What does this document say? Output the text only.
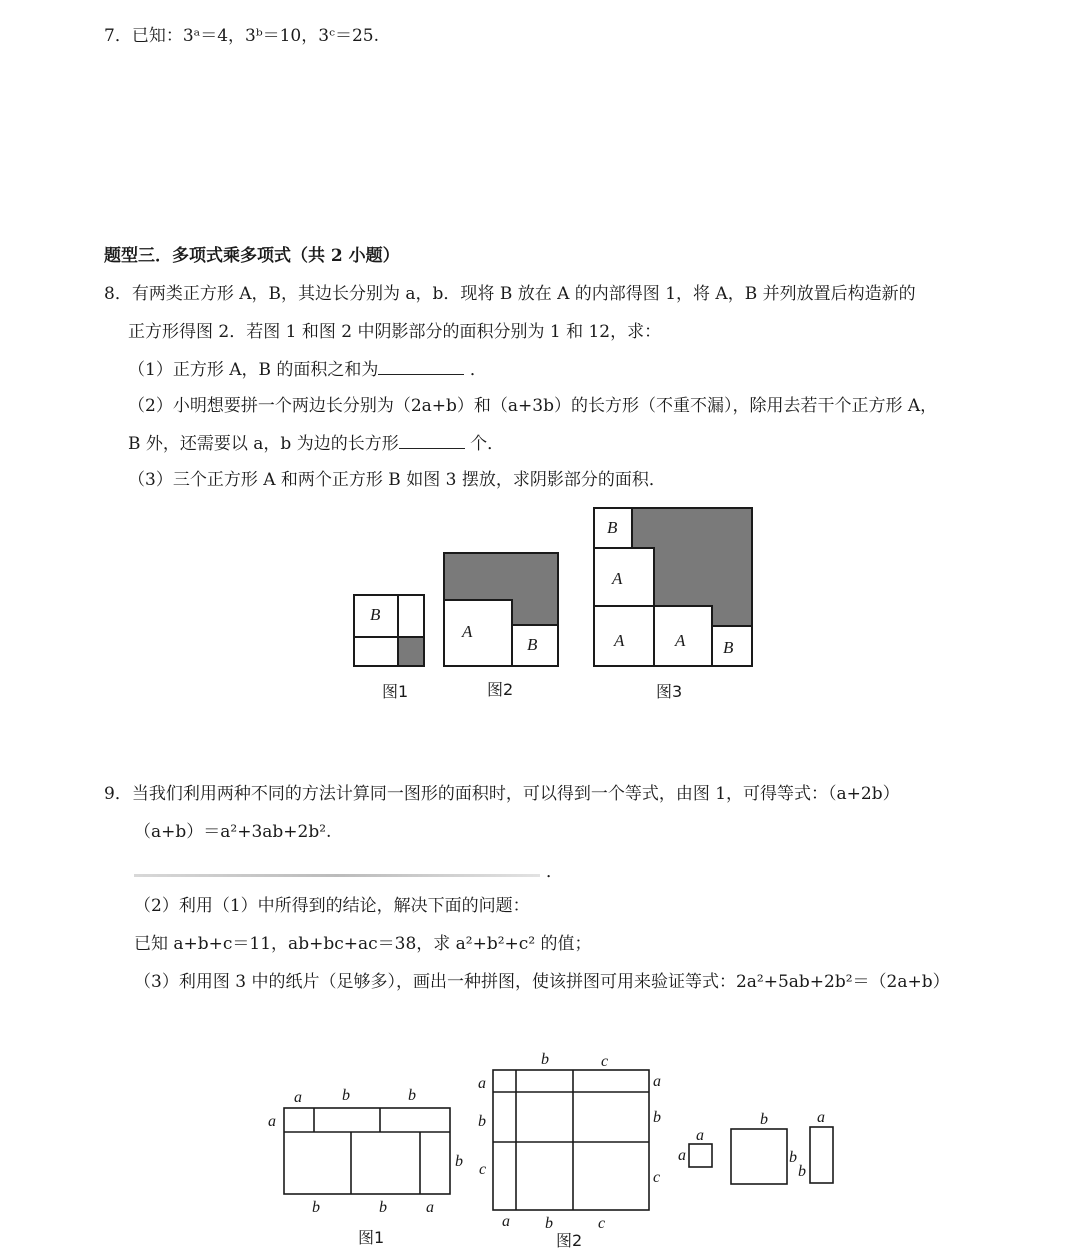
7．已知：3ᵃ＝4，3ᵇ＝10，3ᶜ＝25.
题型三．多项式乘多项式（共 2 小题）
8．有两类正方形 A，B，其边长分别为 a，b．现将 B 放在 A 的内部得图 1，将 A，B 并列放置后构造新的
正方形得图 2．若图 1 和图 2 中阴影部分的面积分别为 1 和 12，求：
（1）正方形 A，B 的面积之和为	．
（2）小明想要拼一个两边长分别为（2a+b）和（a+3b）的长方形（不重不漏），除用去若干个正方形 A，
B 外，还需要以 a，b 为边的长方形	个．
（3）三个正方形 A 和两个正方形 B 如图 3 摆放，求阴影部分的面积．
B
A
B
B
A
A	A B
图1	图2	图3
9．当我们利用两种不同的方法计算同一图形的面积时，可以得到一个等式，由图 1，可得等式：（a+2b）
（a+b）＝a²+3ab+2b².
．
（2）利用（1）中所得到的结论，解决下面的问题：
已知 a+b+c＝11，ab+bc+ac＝38，求 a²+b²+c² 的值；
（3）利用图 3 中的纸片（足够多），画出一种拼图，使该拼图可用来验证等式：2a²+5ab+2b²＝（2a+b）
a	b	b
a
b
b	b a
b	c
a
b
c
a
b
c
a b	c
a
a
b
b
a
b
图1	图2
